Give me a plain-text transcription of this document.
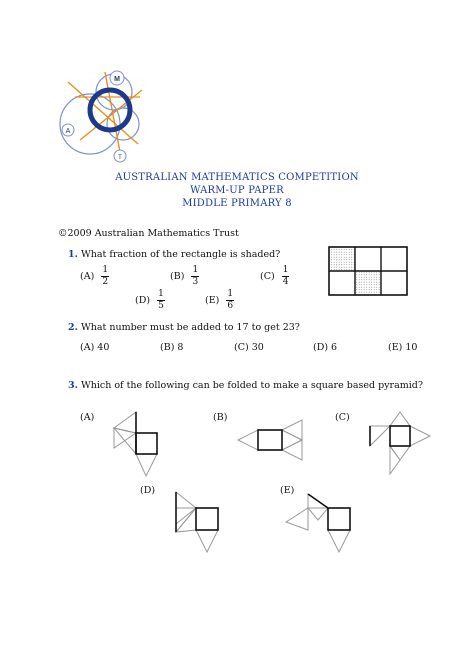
M
A
T
AUSTRALIAN MATHEMATICS COMPETITION
WARM-UP PAPER
MIDDLE PRIMARY 8
©2009 Australian Mathematics Trust
1. What fraction of the rectangle is shaded?
$(A) \frac{1}{2}$	$(B) \frac{1}{3}$	$(C) \frac{1}{4}$
$(D) \frac{1}{5}$	$(E) \frac{1}{6}$
2. What number must be added to 17 to get 23?
(A) 40	(B) 8	(C) 30	(D) 6	(E) 10
3. Which of the following can be folded to make a square based pyramid?
(A)	(B)	(C)
(D)	(E)
